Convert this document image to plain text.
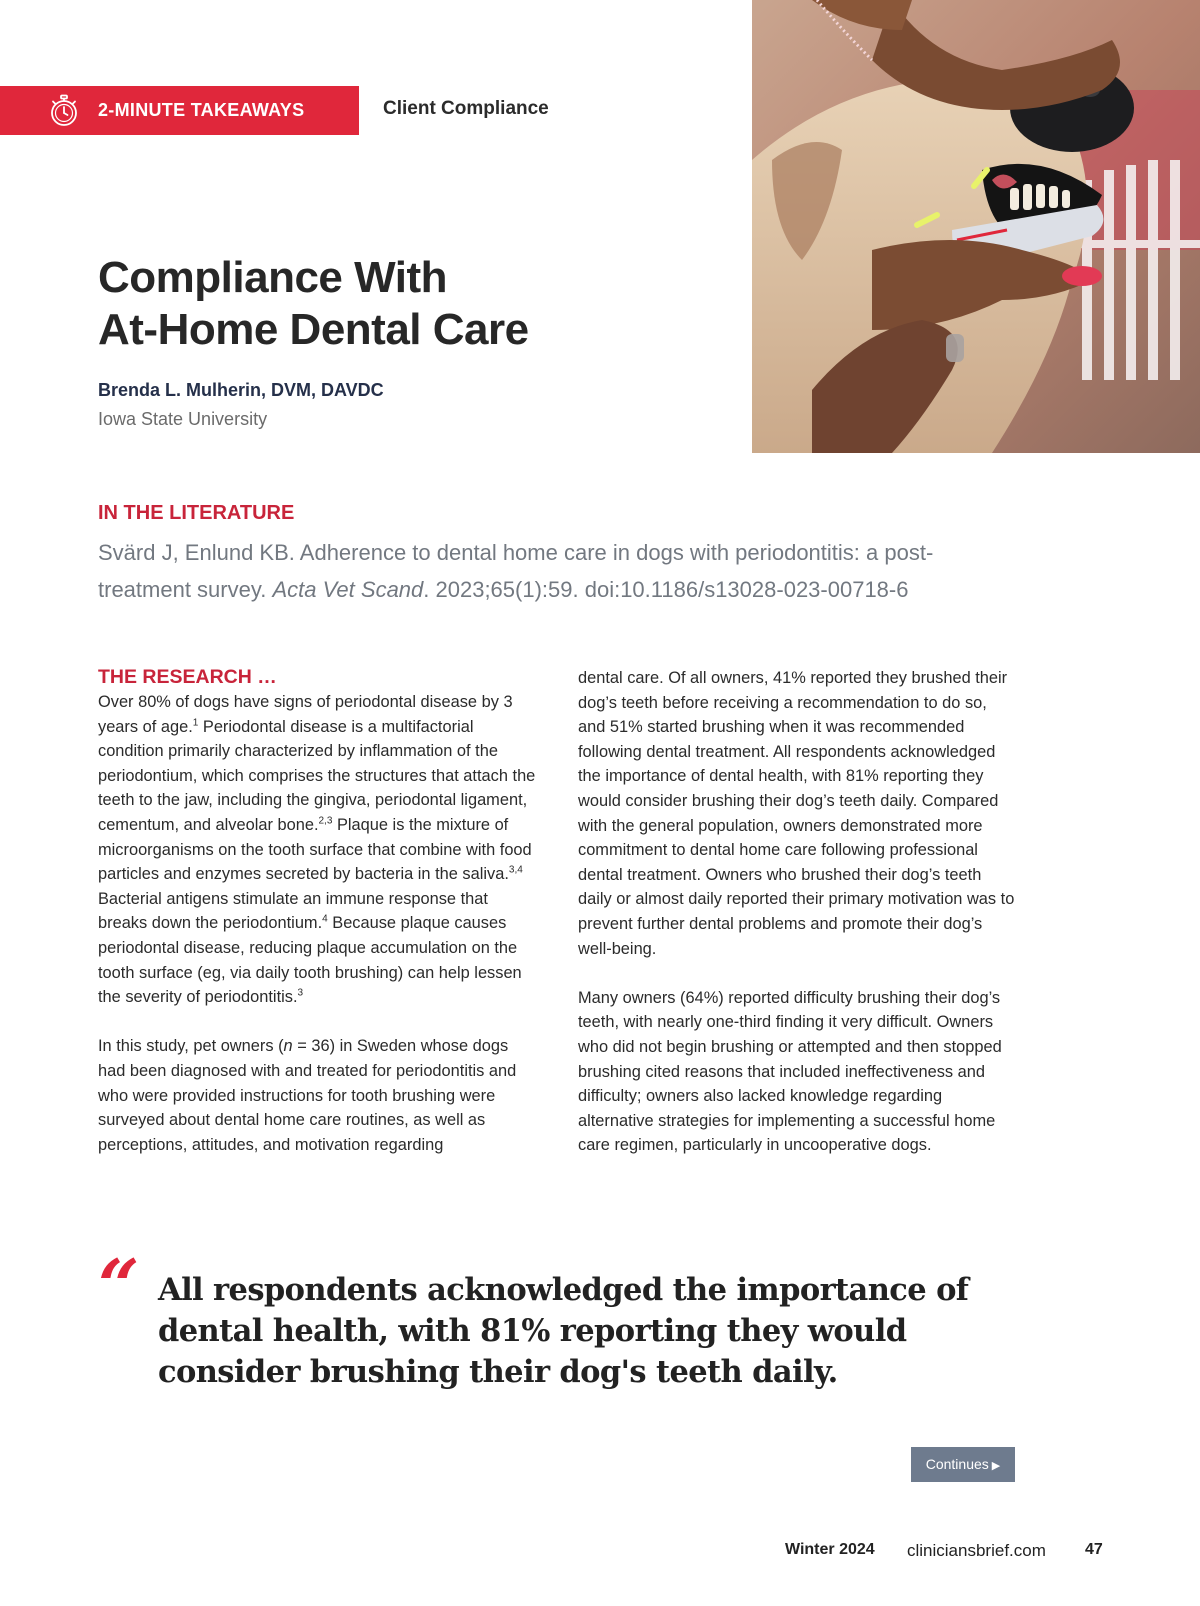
2-MINUTE TAKEAWAYS	Client Compliance
Compliance With
At-Home Dental Care
Brenda L. Mulherin, DVM, DAVDC
Iowa State University
IN THE LITERATURE
Svärd J, Enlund KB. Adherence to dental home care in dogs with periodontitis: a post-treatment survey. Acta Vet Scand. 2023;65(1):59. doi:10.1186/s13028-023-00718-6
THE RESEARCH …

Over 80% of dogs have signs of periodontal disease by 3 years of age.$^1$ Periodontal disease is a multifactorial condition primarily characterized by inflammation of the periodontium, which comprises the structures that attach the teeth to the jaw, including the gingiva, periodontal ligament, cementum, and alveolar bone.$^{2,3}$ Plaque is the mixture of microorganisms on the tooth surface that combine with food particles and enzymes secreted by bacteria in the saliva.$^{3,4}$ Bacterial antigens stimulate an immune response that breaks down the periodontium.$^4$ Because plaque causes periodontal disease, reducing plaque accumulation on the tooth surface (eg, via daily tooth brushing) can help lessen the severity of periodontitis.$^3$

In this study, pet owners (n = 36) in Sweden whose dogs had been diagnosed with and treated for periodontitis and who were provided instructions for tooth brushing were surveyed about dental home care routines, as well as perceptions, attitudes, and motivation regarding

dental care. Of all owners, 41% reported they brushed their dog’s teeth before receiving a recommendation to do so, and 51% started brushing when it was recommended following dental treatment. All respondents acknowledged the importance of dental health, with 81% reporting they would consider brushing their dog’s teeth daily. Compared with the general population, owners demonstrated more commitment to dental home care following professional dental treatment. Owners who brushed their dog’s teeth daily or almost daily reported their primary motivation was to prevent further dental problems and promote their dog’s well-being.

Many owners (64%) reported difficulty brushing their dog’s teeth, with nearly one-third finding it very difficult. Owners who did not begin brushing or attempted and then stopped brushing cited reasons that included ineffectiveness and difficulty; owners also lacked knowledge regarding alternative strategies for implementing a successful home care regimen, particularly in uncooperative dogs.

“ All respondents acknowledged the importance of dental health, with 81% reporting they would consider brushing their dog's teeth daily.
Continues ▶
Winter 2024 cliniciansbrief.com 47
